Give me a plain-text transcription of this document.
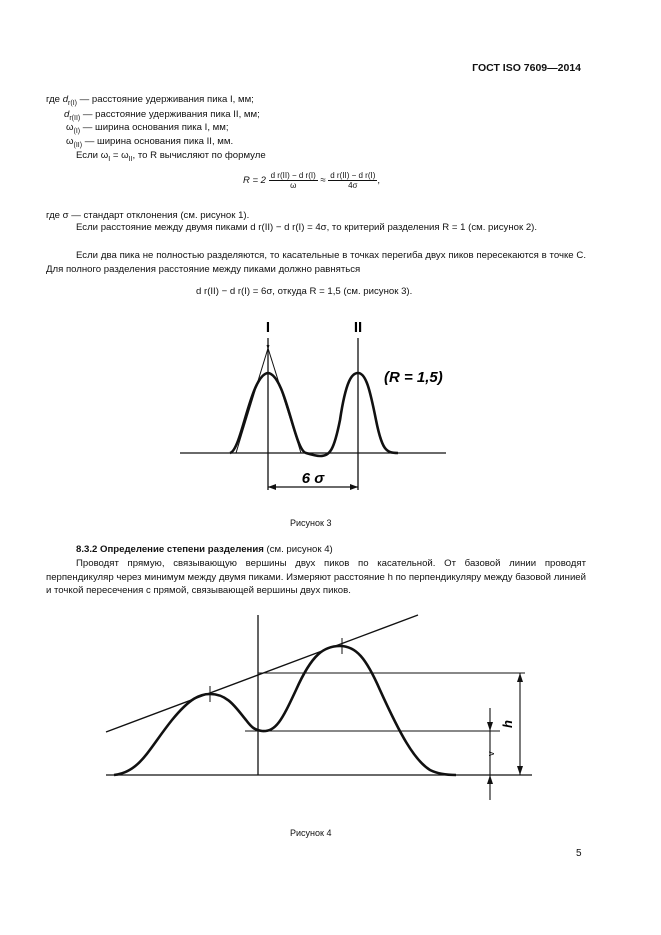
ГОСТ ISO 7609—2014
где $d_{r(I)}$ — расстояние удерживания пика I, мм;
$d_{r(II)}$ — расстояние удерживания пика II, мм;
$\omega_{(I)}$ — ширина основания пика I, мм;
$\omega_{(II)}$ — ширина основания пика II, мм.
Если $\omega_I = \omega_{II}$, то R вычисляют по формуле
$R = 2 \frac{\text{d r(II) − d r(I)}}{\omega} \approx \frac{\text{d r(II) − d r(I)}}{4\sigma}$ ,
где σ — стандарт отклонения (см. рисунок 1).
Если расстояние между двумя пиками d r(II) − d r(I) = 4σ, то критерий разделения R = 1 (см. рисунок 2).
Если два пика не полностью разделяются, то касательные в точках перегиба двух пиков пересекаются в точке С. Для полного разделения расстояние между пиками должно равняться
d r(II) − d r(I) = 6σ, откуда R = 1,5 (см. рисунок 3).
I	II
(R = 1,5)
6 σ
Рисунок 3
8.3.2 Определение степени разделения (см. рисунок 4)
Проводят прямую, связывающую вершины двух пиков по касательной. От базовой линии проводят перпендикуляр через минимум между двумя пиками. Измеряют расстояние h по перпендикуляру между базовой линией и точкой пересечения с прямой, связывающей вершины двух пиков.
h
v
Рисунок 4
5
